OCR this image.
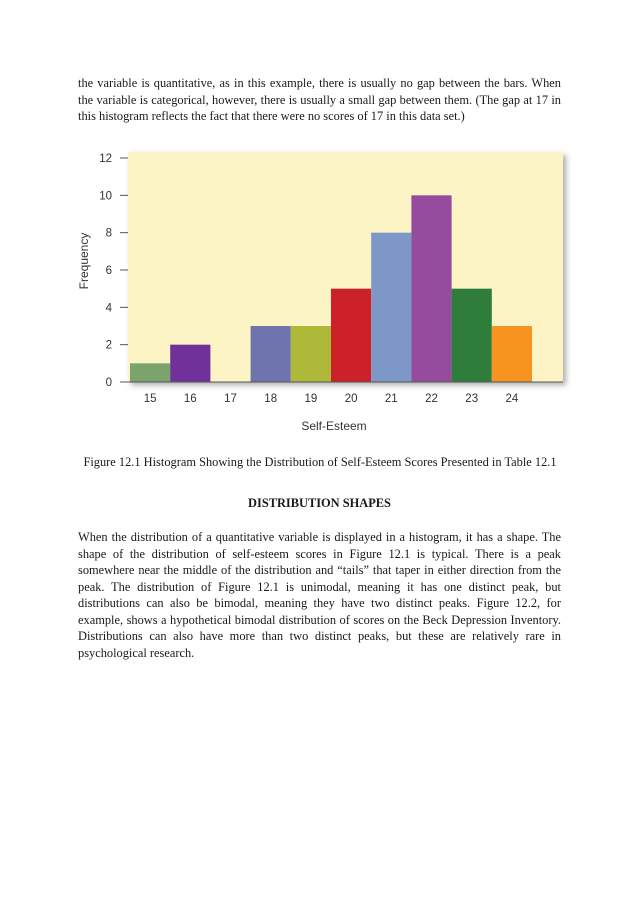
the variable is quantitative, as in this example, there is usually no gap between the bars. When the variable is categorical, however, there is usually a small gap between them. (The gap at 17 in this histogram reflects the fact that there were no scores of 17 in this data set.)

0
2
4
6
8
10
12
15 16 17 18 19 20 21 22 23 24
Frequency
Self-Esteem

Figure 12.1 Histogram Showing the Distribution of Self-Esteem Scores Presented in Table 12.1

DISTRIBUTION SHAPES

When the distribution of a quantitative variable is displayed in a histogram, it has a shape. The shape of the distribution of self-esteem scores in Figure 12.1 is typical. There is a peak somewhere near the middle of the distribution and “tails” that taper in either direction from the peak. The distribution of Figure 12.1 is unimodal, meaning it has one distinct peak, but distributions can also be bimodal, meaning they have two distinct peaks. Figure 12.2, for example, shows a hypothetical bimodal distribution of scores on the Beck Depression Inventory. Distributions can also have more than two distinct peaks, but these are relatively rare in psychological research.
